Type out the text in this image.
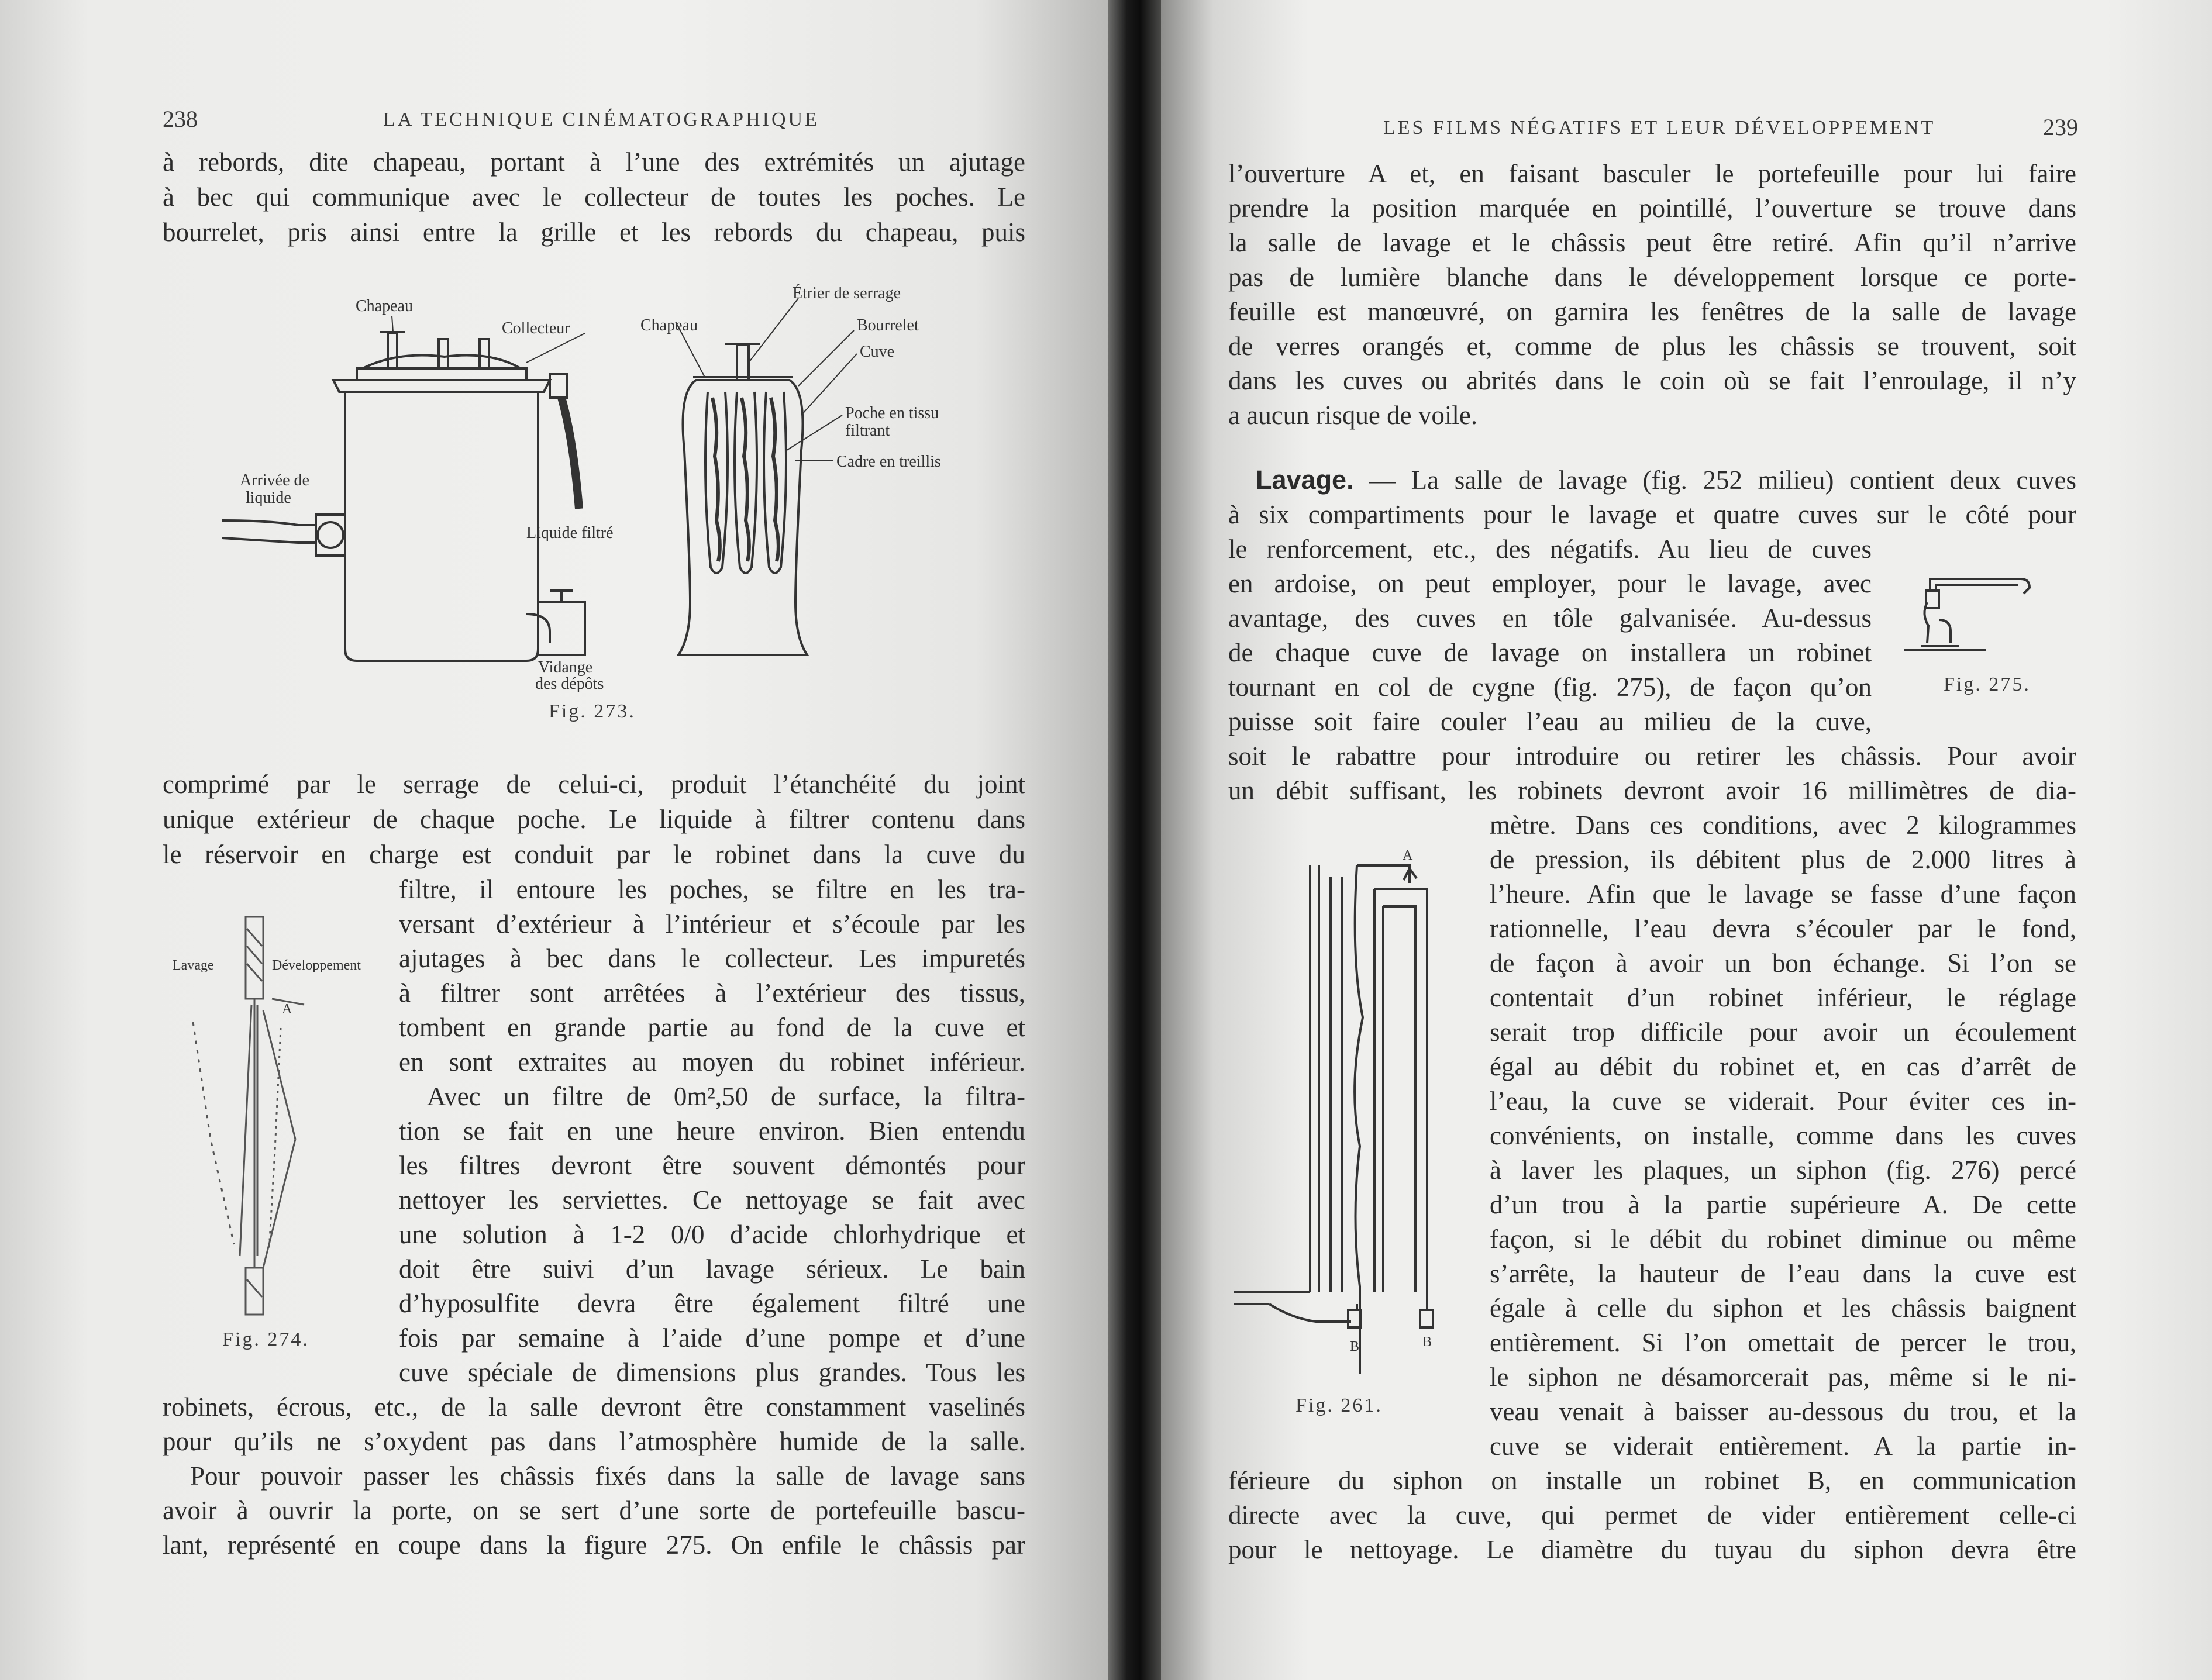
238	LA TECHNIQUE CINÉMATOGRAPHIQUE
à rebords, dite chapeau, portant à l’une des extrémités un ajutage
à bec qui communique avec le collecteur de toutes les poches. Le
bourrelet, pris ainsi entre la grille et les rebords du chapeau, puis
Chapeau
Collecteur
Arrivée de
liquide
Liquide filtré
Vidange
des dépôts
Étrier de serrage
Chapeau	Bourrelet
Cuve
Poche en tissu
filtrant
Cadre en treillis
Fig. 273.
comprimé par le serrage de celui-ci, produit l’étanchéité du joint
unique extérieur de chaque poche. Le liquide à filtrer contenu dans
le réservoir en charge est conduit par le robinet dans la cuve du
Lavage	Développement
A
Fig. 274.
filtre, il entoure les poches, se filtre en les tra-
versant d’extérieur à l’intérieur et s’écoule par les
ajutages à bec dans le collecteur. Les impuretés
à filtrer sont arrêtées à l’extérieur des tissus,
tombent en grande partie au fond de la cuve et
en sont extraites au moyen du robinet inférieur.
Avec un filtre de 0m²,50 de surface, la filtra-
tion se fait en une heure environ. Bien entendu
les filtres devront être souvent démontés pour
nettoyer les serviettes. Ce nettoyage se fait avec
une solution à 1-2 0/0 d’acide chlorhydrique et
doit être suivi d’un lavage sérieux. Le bain
d’hyposulfite devra être également filtré une
fois par semaine à l’aide d’une pompe et d’une
cuve spéciale de dimensions plus grandes. Tous les
robinets, écrous, etc., de la salle devront être constamment vaselinés
pour qu’ils ne s’oxydent pas dans l’atmosphère humide de la salle.
Pour pouvoir passer les châssis fixés dans la salle de lavage sans
avoir à ouvrir la porte, on se sert d’une sorte de portefeuille bascu-
lant, représenté en coupe dans la figure 275. On enfile le châssis par
LES FILMS NÉGATIFS ET LEUR DÉVELOPPEMENT	239
l’ouverture A et, en faisant basculer le portefeuille pour lui faire
prendre la position marquée en pointillé, l’ouverture se trouve dans
la salle de lavage et le châssis peut être retiré. Afin qu’il n’arrive
pas de lumière blanche dans le développement lorsque ce porte-
feuille est manœuvré, on garnira les fenêtres de la salle de lavage
de verres orangés et, comme de plus les châssis se trouvent, soit
dans les cuves ou abrités dans le coin où se fait l’enroulage, il n’y
a aucun risque de voile.
Lavage. — La salle de lavage (fig. 252 milieu) contient deux cuves
à six compartiments pour le lavage et quatre cuves sur le côté pour
le renforcement, etc., des négatifs. Au lieu de cuves
en ardoise, on peut employer, pour le lavage, avec
avantage, des cuves en tôle galvanisée. Au-dessus
de chaque cuve de lavage on installera un robinet
tournant en col de cygne (fig. 275), de façon qu’on
puisse soit faire couler l’eau au milieu de la cuve,
Fig. 275.
soit le rabattre pour introduire ou retirer les châssis. Pour avoir
un débit suffisant, les robinets devront avoir 16 millimètres de dia-
A
B	B
Fig. 261.
mètre. Dans ces conditions, avec 2 kilogrammes
de pression, ils débitent plus de 2.000 litres à
l’heure. Afin que le lavage se fasse d’une façon
rationnelle, l’eau devra s’écouler par le fond,
de façon à avoir un bon échange. Si l’on se
contentait d’un robinet inférieur, le réglage
serait trop difficile pour avoir un écoulement
égal au débit du robinet et, en cas d’arrêt de
l’eau, la cuve se viderait. Pour éviter ces in-
convénients, on installe, comme dans les cuves
à laver les plaques, un siphon (fig. 276) percé
d’un trou à la partie supérieure A. De cette
façon, si le débit du robinet diminue ou même
s’arrête, la hauteur de l’eau dans la cuve est
égale à celle du siphon et les châssis baignent
entièrement. Si l’on omettait de percer le trou,
le siphon ne désamorcerait pas, même si le ni-
veau venait à baisser au-dessous du trou, et la
cuve se viderait entièrement. A la partie in-
férieure du siphon on installe un robinet B, en communication
directe avec la cuve, qui permet de vider entièrement celle-ci
pour le nettoyage. Le diamètre du tuyau du siphon devra être
